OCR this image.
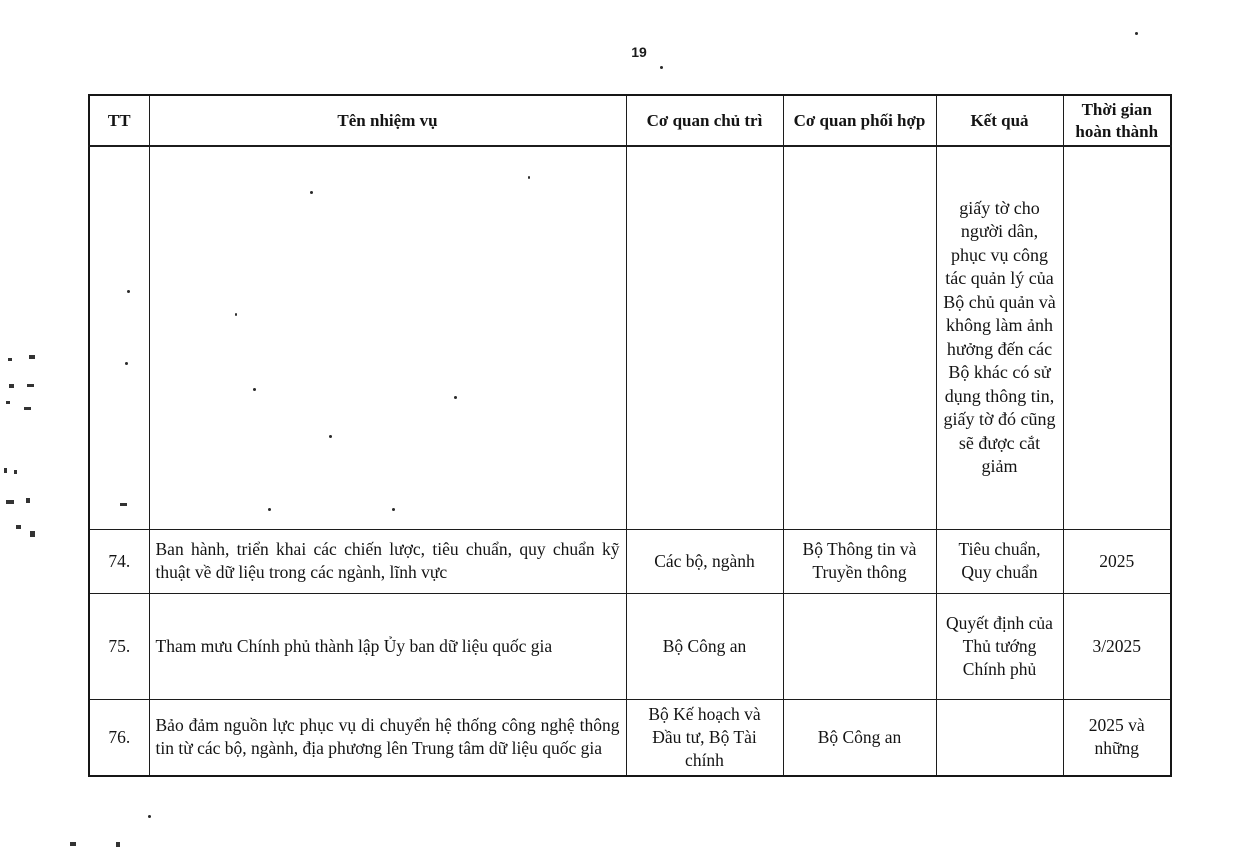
19
TT	Tên nhiệm vụ	Cơ quan chủ trì	Cơ quan phối hợp	Kết quả	Thời gian hoàn thành
				giấy tờ cho người dân, phục vụ công tác quản lý của Bộ chủ quản và không làm ảnh hưởng đến các Bộ khác có sử dụng thông tin, giấy tờ đó cũng sẽ được cắt giảm	
74.	Ban hành, triển khai các chiến lược, tiêu chuẩn, quy chuẩn kỹ thuật về dữ liệu trong các ngành, lĩnh vực	Các bộ, ngành	Bộ Thông tin và Truyền thông	Tiêu chuẩn, Quy chuẩn	2025
75.	Tham mưu Chính phủ thành lập Ủy ban dữ liệu quốc gia	Bộ Công an		Quyết định của Thủ tướng Chính phủ	3/2025
76.	Bảo đảm nguồn lực phục vụ di chuyển hệ thống công nghệ thông tin từ các bộ, ngành, địa phương lên Trung tâm dữ liệu quốc gia	Bộ Kế hoạch và Đầu tư, Bộ Tài chính	Bộ Công an		2025 và những
